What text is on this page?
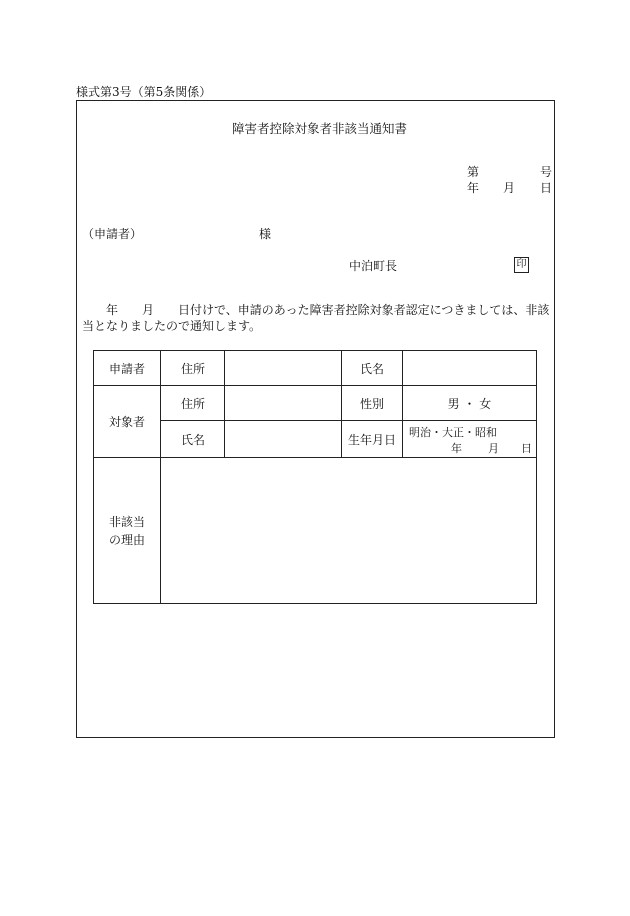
様式第3号（第5条関係）
障害者控除対象者非該当通知書
第	号
年 月 日
（申請者）	様
中泊町長	印
年 月 日付けで、申請のあった障害者控除対象者認定につきましては、非該当となりましたので通知します。
申請者	住所		氏名	
対象者	住所		性別	男 ・ 女
	氏名		生年月日	明治・大正・昭和
年 月 日

非該当
の理由				
